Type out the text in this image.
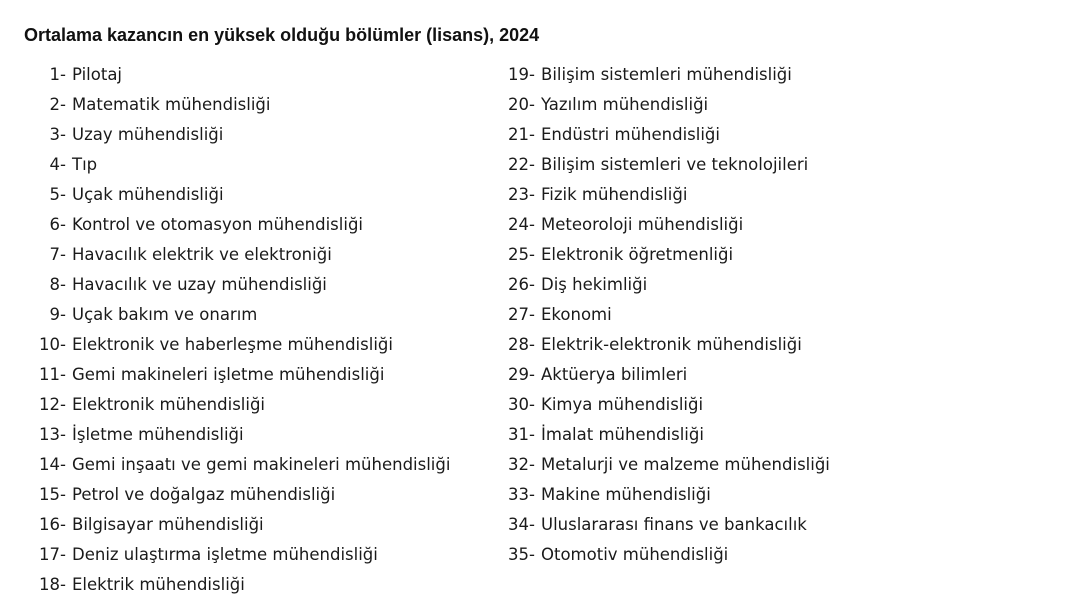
Ortalama kazancın en yüksek olduğu bölümler (lisans), 2024
1- Pilotaj
2- Matematik mühendisliği
3- Uzay mühendisliği
4- Tıp
5- Uçak mühendisliği
6- Kontrol ve otomasyon mühendisliği
7- Havacılık elektrik ve elektroniği
8- Havacılık ve uzay mühendisliği
9- Uçak bakım ve onarım
10- Elektronik ve haberleşme mühendisliği
11- Gemi makineleri işletme mühendisliği
12- Elektronik mühendisliği
13- İşletme mühendisliği
14- Gemi inşaatı ve gemi makineleri mühendisliği
15- Petrol ve doğalgaz mühendisliği
16- Bilgisayar mühendisliği
17- Deniz ulaştırma işletme mühendisliği
18- Elektrik mühendisliği
19- Bilişim sistemleri mühendisliği
20- Yazılım mühendisliği
21- Endüstri mühendisliği
22- Bilişim sistemleri ve teknolojileri
23- Fizik mühendisliği
24- Meteoroloji mühendisliği
25- Elektronik öğretmenliği
26- Diş hekimliği
27- Ekonomi
28- Elektrik-elektronik mühendisliği
29- Aktüerya bilimleri
30- Kimya mühendisliği
31- İmalat mühendisliği
32- Metalurji ve malzeme mühendisliği
33- Makine mühendisliği
34- Uluslararası finans ve bankacılık
35- Otomotiv mühendisliği
